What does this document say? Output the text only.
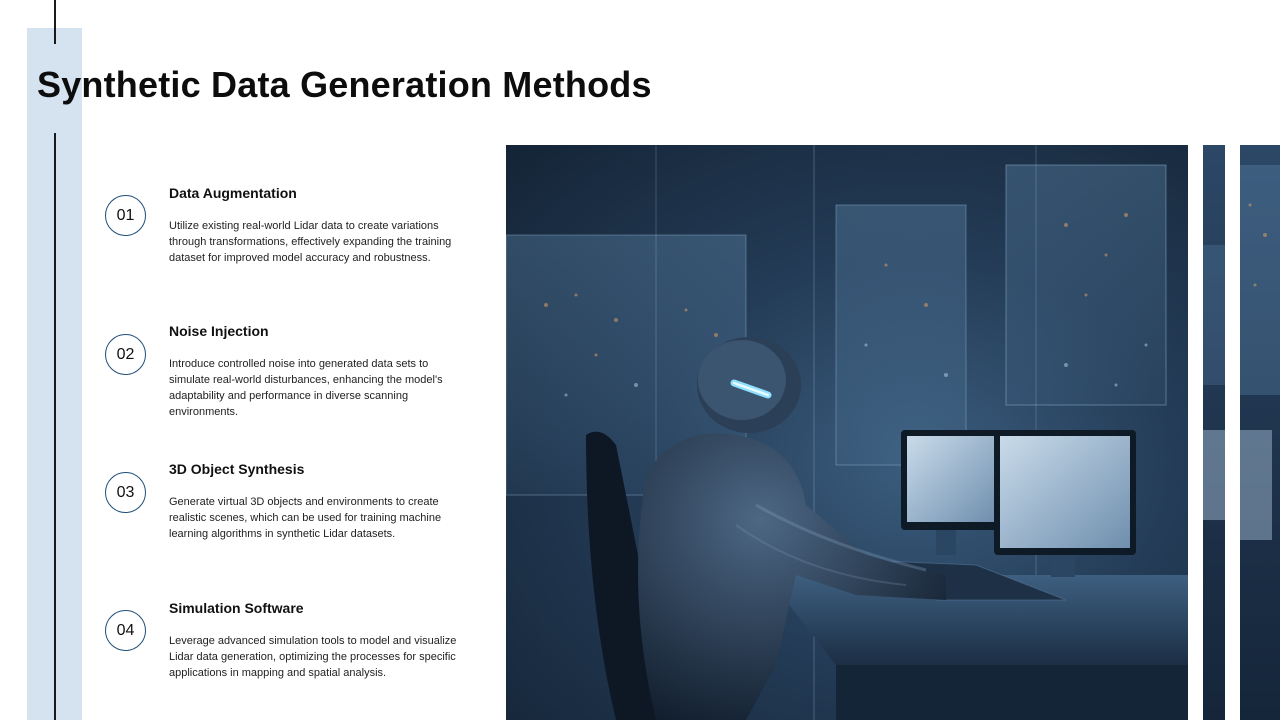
Synthetic Data Generation Methods
01
Data Augmentation

Utilize existing real-world Lidar data to create variations through transformations, effectively expanding the training dataset for improved model accuracy and robustness.

02
Noise Injection

Introduce controlled noise into generated data sets to simulate real-world disturbances, enhancing the model's adaptability and performance in diverse scanning environments.

03
3D Object Synthesis

Generate virtual 3D objects and environments to create realistic scenes, which can be used for training machine learning algorithms in synthetic Lidar datasets.

04
Simulation Software

Leverage advanced simulation tools to model and visualize Lidar data generation, optimizing the processes for specific applications in mapping and spatial analysis.
